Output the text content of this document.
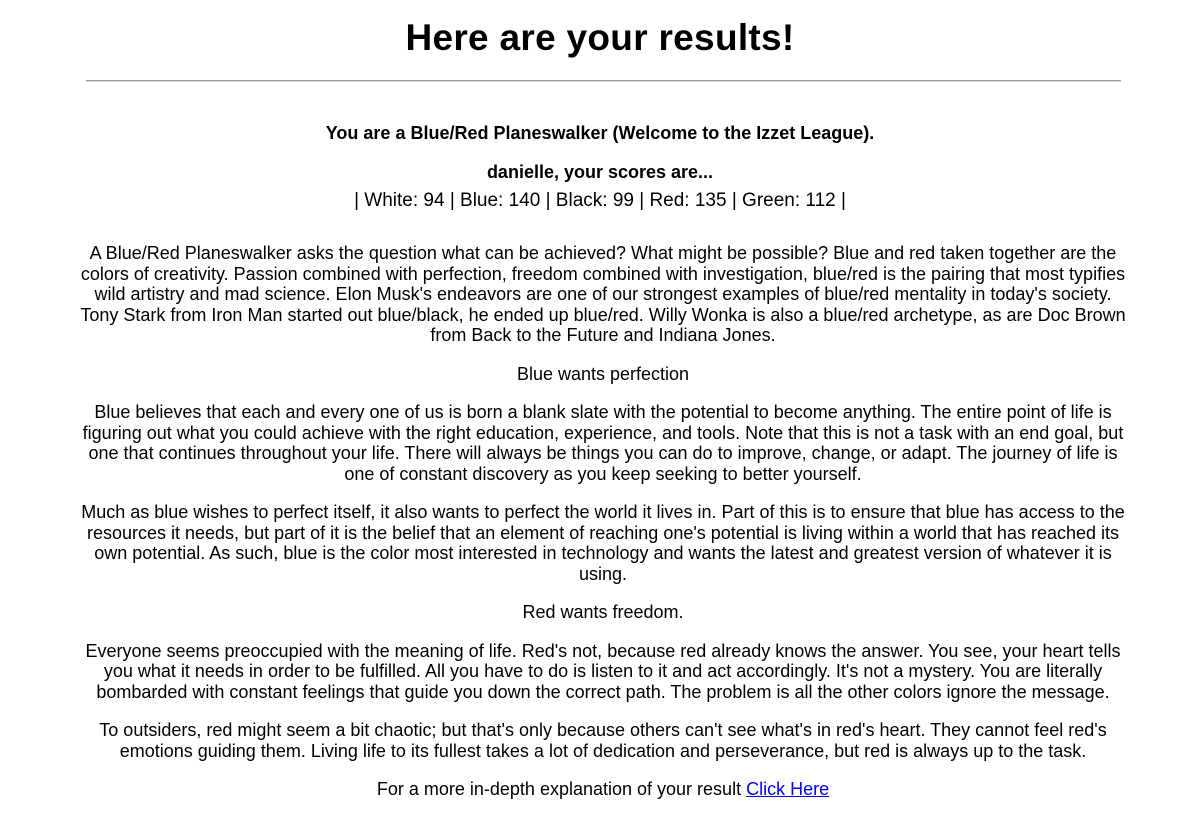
Here are your results!
You are a Blue/Red Planeswalker (Welcome to the Izzet League).
danielle, your scores are...
| White: 94 | Blue: 140 | Black: 99 | Red: 135 | Green: 112 |

A Blue/Red Planeswalker asks the question what can be achieved? What might be possible? Blue and red taken together are the colors of creativity. Passion combined with perfection, freedom combined with investigation, blue/red is the pairing that most typifies wild artistry and mad science. Elon Musk's endeavors are one of our strongest examples of blue/red mentality in today's society. Tony Stark from Iron Man started out blue/black, he ended up blue/red. Willy Wonka is also a blue/red archetype, as are Doc Brown from Back to the Future and Indiana Jones.

Blue wants perfection

Blue believes that each and every one of us is born a blank slate with the potential to become anything. The entire point of life is figuring out what you could achieve with the right education, experience, and tools. Note that this is not a task with an end goal, but one that continues throughout your life. There will always be things you can do to improve, change, or adapt. The journey of life is one of constant discovery as you keep seeking to better yourself.

Much as blue wishes to perfect itself, it also wants to perfect the world it lives in. Part of this is to ensure that blue has access to the resources it needs, but part of it is the belief that an element of reaching one's potential is living within a world that has reached its own potential. As such, blue is the color most interested in technology and wants the latest and greatest version of whatever it is using.

Red wants freedom.

Everyone seems preoccupied with the meaning of life. Red's not, because red already knows the answer. You see, your heart tells you what it needs in order to be fulfilled. All you have to do is listen to it and act accordingly. It's not a mystery. You are literally bombarded with constant feelings that guide you down the correct path. The problem is all the other colors ignore the message.

To outsiders, red might seem a bit chaotic; but that's only because others can't see what's in red's heart. They cannot feel red's emotions guiding them. Living life to its fullest takes a lot of dedication and perseverance, but red is always up to the task.

For a more in-depth explanation of your result Click Here
